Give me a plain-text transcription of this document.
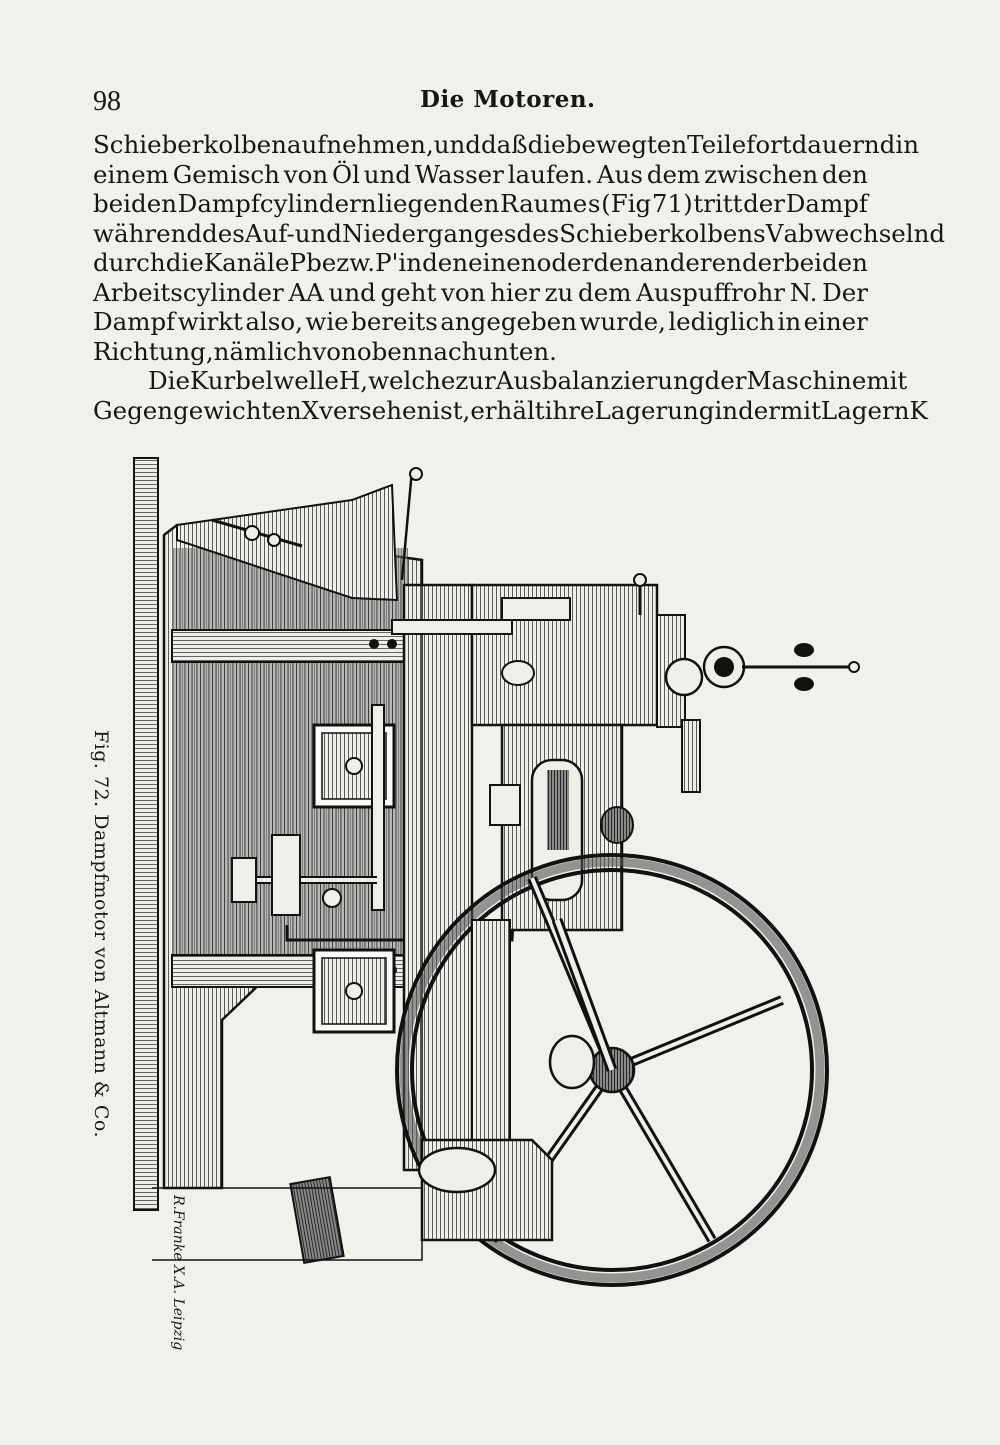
98	Die Motoren.
Schieberkolben aufnehmen, und daß die bewegten Teile fortdauernd in
einem Gemisch von Öl und Wasser laufen. Aus dem zwischen den
beiden Dampfcylindern liegenden Raume s (Fig 71) tritt der Dampf
während des Auf- und Niederganges des Schieberkolbens V abwechselnd
durch die Kanäle P bezw. P' in den einen oder den anderen der beiden
Arbeitscylinder AA und geht von hier zu dem Auspuffrohr N. Der
Dampf wirkt also, wie bereits angegeben wurde, lediglich in einer
Richtung, nämlich von oben nach unten.
Die Kurbelwelle H, welche zur Ausbalanzierung der Maschine mit
Gegengewichten X versehen ist, erhält ihre Lagerung in der mit Lagern K
Fig. 72. Dampfmotor von Altmann & Co.
R.Franke X.A. Leipzig
